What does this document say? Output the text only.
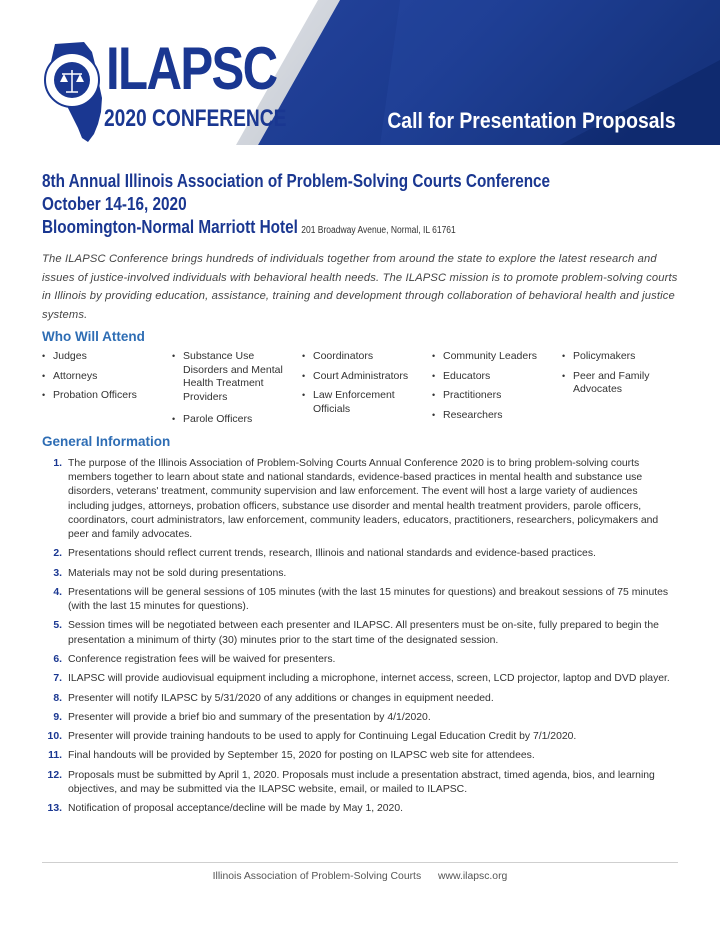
ILAPSC
2020 CONFERENCE	Call for Presentation Proposals
8th Annual Illinois Association of Problem-Solving Courts Conference
October 14-16, 2020
Bloomington-Normal Marriott Hotel 201 Broadway Avenue, Normal, IL 61761
The ILAPSC Conference brings hundreds of individuals together from around the state to explore the latest research and issues of justice-involved individuals with behavioral health needs. The ILAPSC mission is to promote problem-solving courts in Illinois by providing education, assistance, training and development through collaboration of behavioral health and justice systems.
Who Will Attend
• Judges
• Attorneys
• Probation Officers
• Substance Use Disorders and Mental Health Treatment Providers
• Parole Officers
• Coordinators
• Court Administrators
• Law Enforcement Officials
• Community Leaders
• Educators
• Practitioners
• Researchers
• Policymakers
• Peer and Family Advocates
General Information
1. The purpose of the Illinois Association of Problem-Solving Courts Annual Conference 2020 is to bring problem-solving courts members together to learn about state and national standards, evidence-based practices in mental health and substance use disorders, veterans' treatment, community supervision and law enforcement. The event will host a large variety of audiences including judges, attorneys, probation officers, substance use disorder and mental health treatment providers, parole officers, coordinators, court administrators, law enforcement, community leaders, educators, practitioners, researchers, policymakers and peer and family advocates.
2. Presentations should reflect current trends, research, Illinois and national standards and evidence-based practices.
3. Materials may not be sold during presentations.
4. Presentations will be general sessions of 105 minutes (with the last 15 minutes for questions) and breakout sessions of 75 minutes (with the last 15 minutes for questions).
5. Session times will be negotiated between each presenter and ILAPSC. All presenters must be on-site, fully prepared to begin the presentation a minimum of thirty (30) minutes prior to the start time of the designated session.
6. Conference registration fees will be waived for presenters.
7. ILAPSC will provide audiovisual equipment including a microphone, internet access, screen, LCD projector, laptop and DVD player.
8. Presenter will notify ILAPSC by 5/31/2020 of any additions or changes in equipment needed.
9. Presenter will provide a brief bio and summary of the presentation by 4/1/2020.
10. Presenter will provide training handouts to be used to apply for Continuing Legal Education Credit by 7/1/2020.
11. Final handouts will be provided by September 15, 2020 for posting on ILAPSC web site for attendees.
12. Proposals must be submitted by April 1, 2020. Proposals must include a presentation abstract, timed agenda, bios, and learning objectives, and may be submitted via the ILAPSC website, email, or mailed to ILAPSC.
13. Notification of proposal acceptance/decline will be made by May 1, 2020.
Illinois Association of Problem-Solving Courts www.ilapsc.org
